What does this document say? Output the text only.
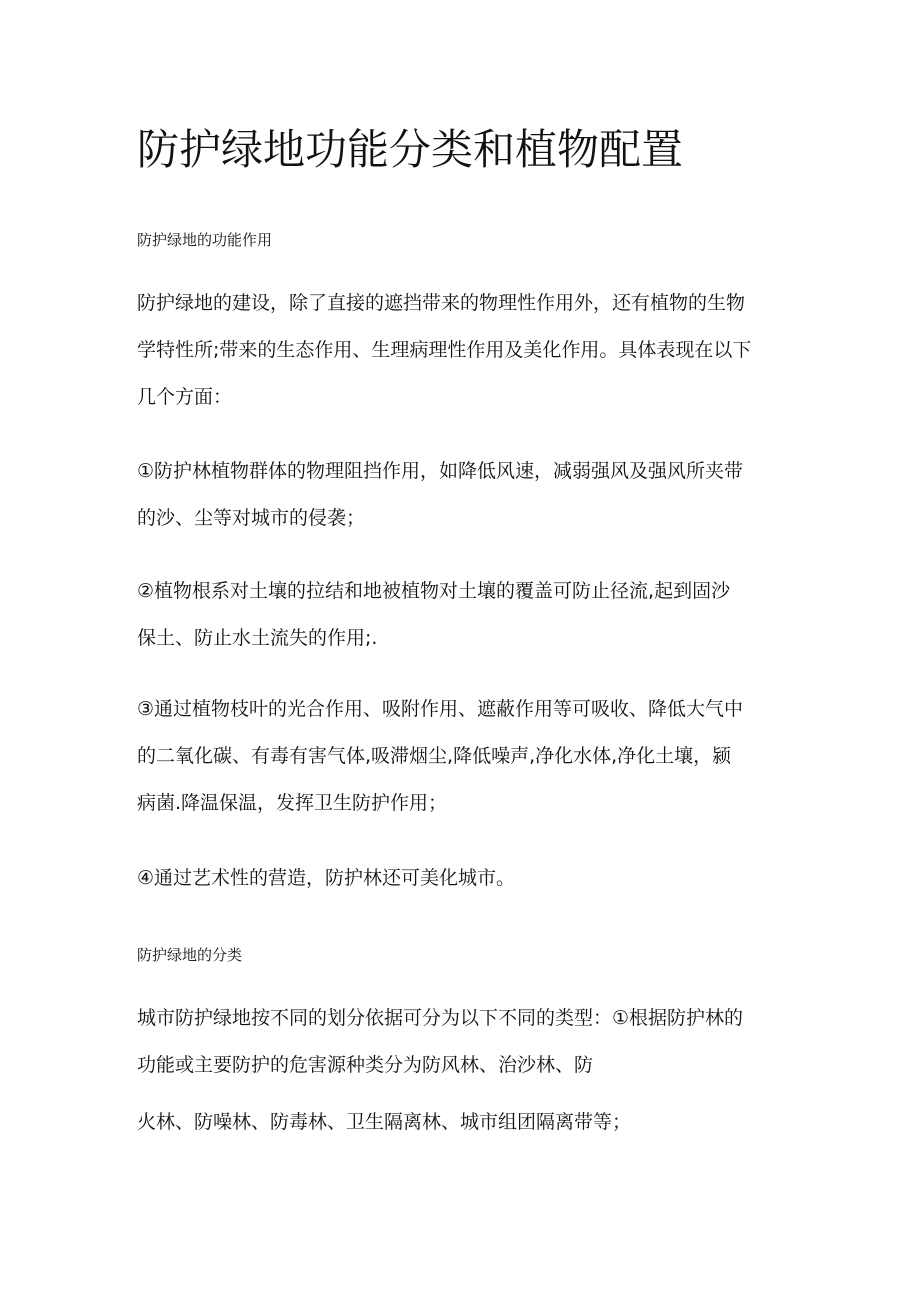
防护绿地功能分类和植物配置

防护绿地的功能作用

防护绿地的建设，除了直接的遮挡带来的物理性作用外，还有植物的生物
学特性所;带来的生态作用、生理病理性作用及美化作用。具体表现在以下
几个方面：

①防护林植物群体的物理阻挡作用，如降低风速，减弱强风及强风所夹带
的沙、尘等对城市的侵袭；

②植物根系对土壤的拉结和地被植物对土壤的覆盖可防止径流,起到固沙
保土、防止水土流失的作用;.

③通过植物枝叶的光合作用、吸附作用、遮蔽作用等可吸收、降低大气中
的二氧化碳、有毒有害气体,吸滞烟尘,降低噪声,净化水体,净化土壤，颍
病菌.降温保温，发挥卫生防护作用；

④通过艺术性的营造，防护林还可美化城市。

防护绿地的分类

城市防护绿地按不同的划分依据可分为以下不同的类型：①根据防护林的
功能或主要防护的危害源种类分为防风林、治沙林、防

火林、防噪林、防毒林、卫生隔离林、城市组团隔离带等；
